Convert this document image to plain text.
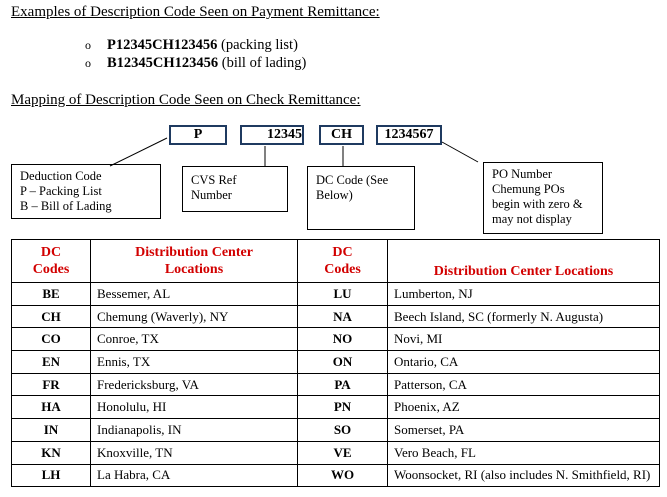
Examples of Description Code Seen on Payment Remittance:
o P12345CH123456 (packing list)
o B12345CH123456 (bill of lading)
Mapping of Description Code Seen on Check Remittance:
P	12345	CH	1234567
Deduction Code
P – Packing List
B – Bill of Lading
CVS Ref
Number
DC Code (See
Below)
PO Number
Chemung POs
begin with zero &
may not display
DC
Codes	Distribution Center
Locations	DC
Codes	Distribution Center Locations
BE	Bessemer, AL	LU	Lumberton, NJ
CH	Chemung (Waverly), NY	NA	Beech Island, SC (formerly N. Augusta)
CO	Conroe, TX	NO	Novi, MI
EN	Ennis, TX	ON	Ontario, CA
FR	Fredericksburg, VA	PA	Patterson, CA
HA	Honolulu, HI	PN	Phoenix, AZ
IN	Indianapolis, IN	SO	Somerset, PA
KN	Knoxville, TN	VE	Vero Beach, FL
LH	La Habra, CA	WO	Woonsocket, RI (also includes N. Smithfield, RI)
